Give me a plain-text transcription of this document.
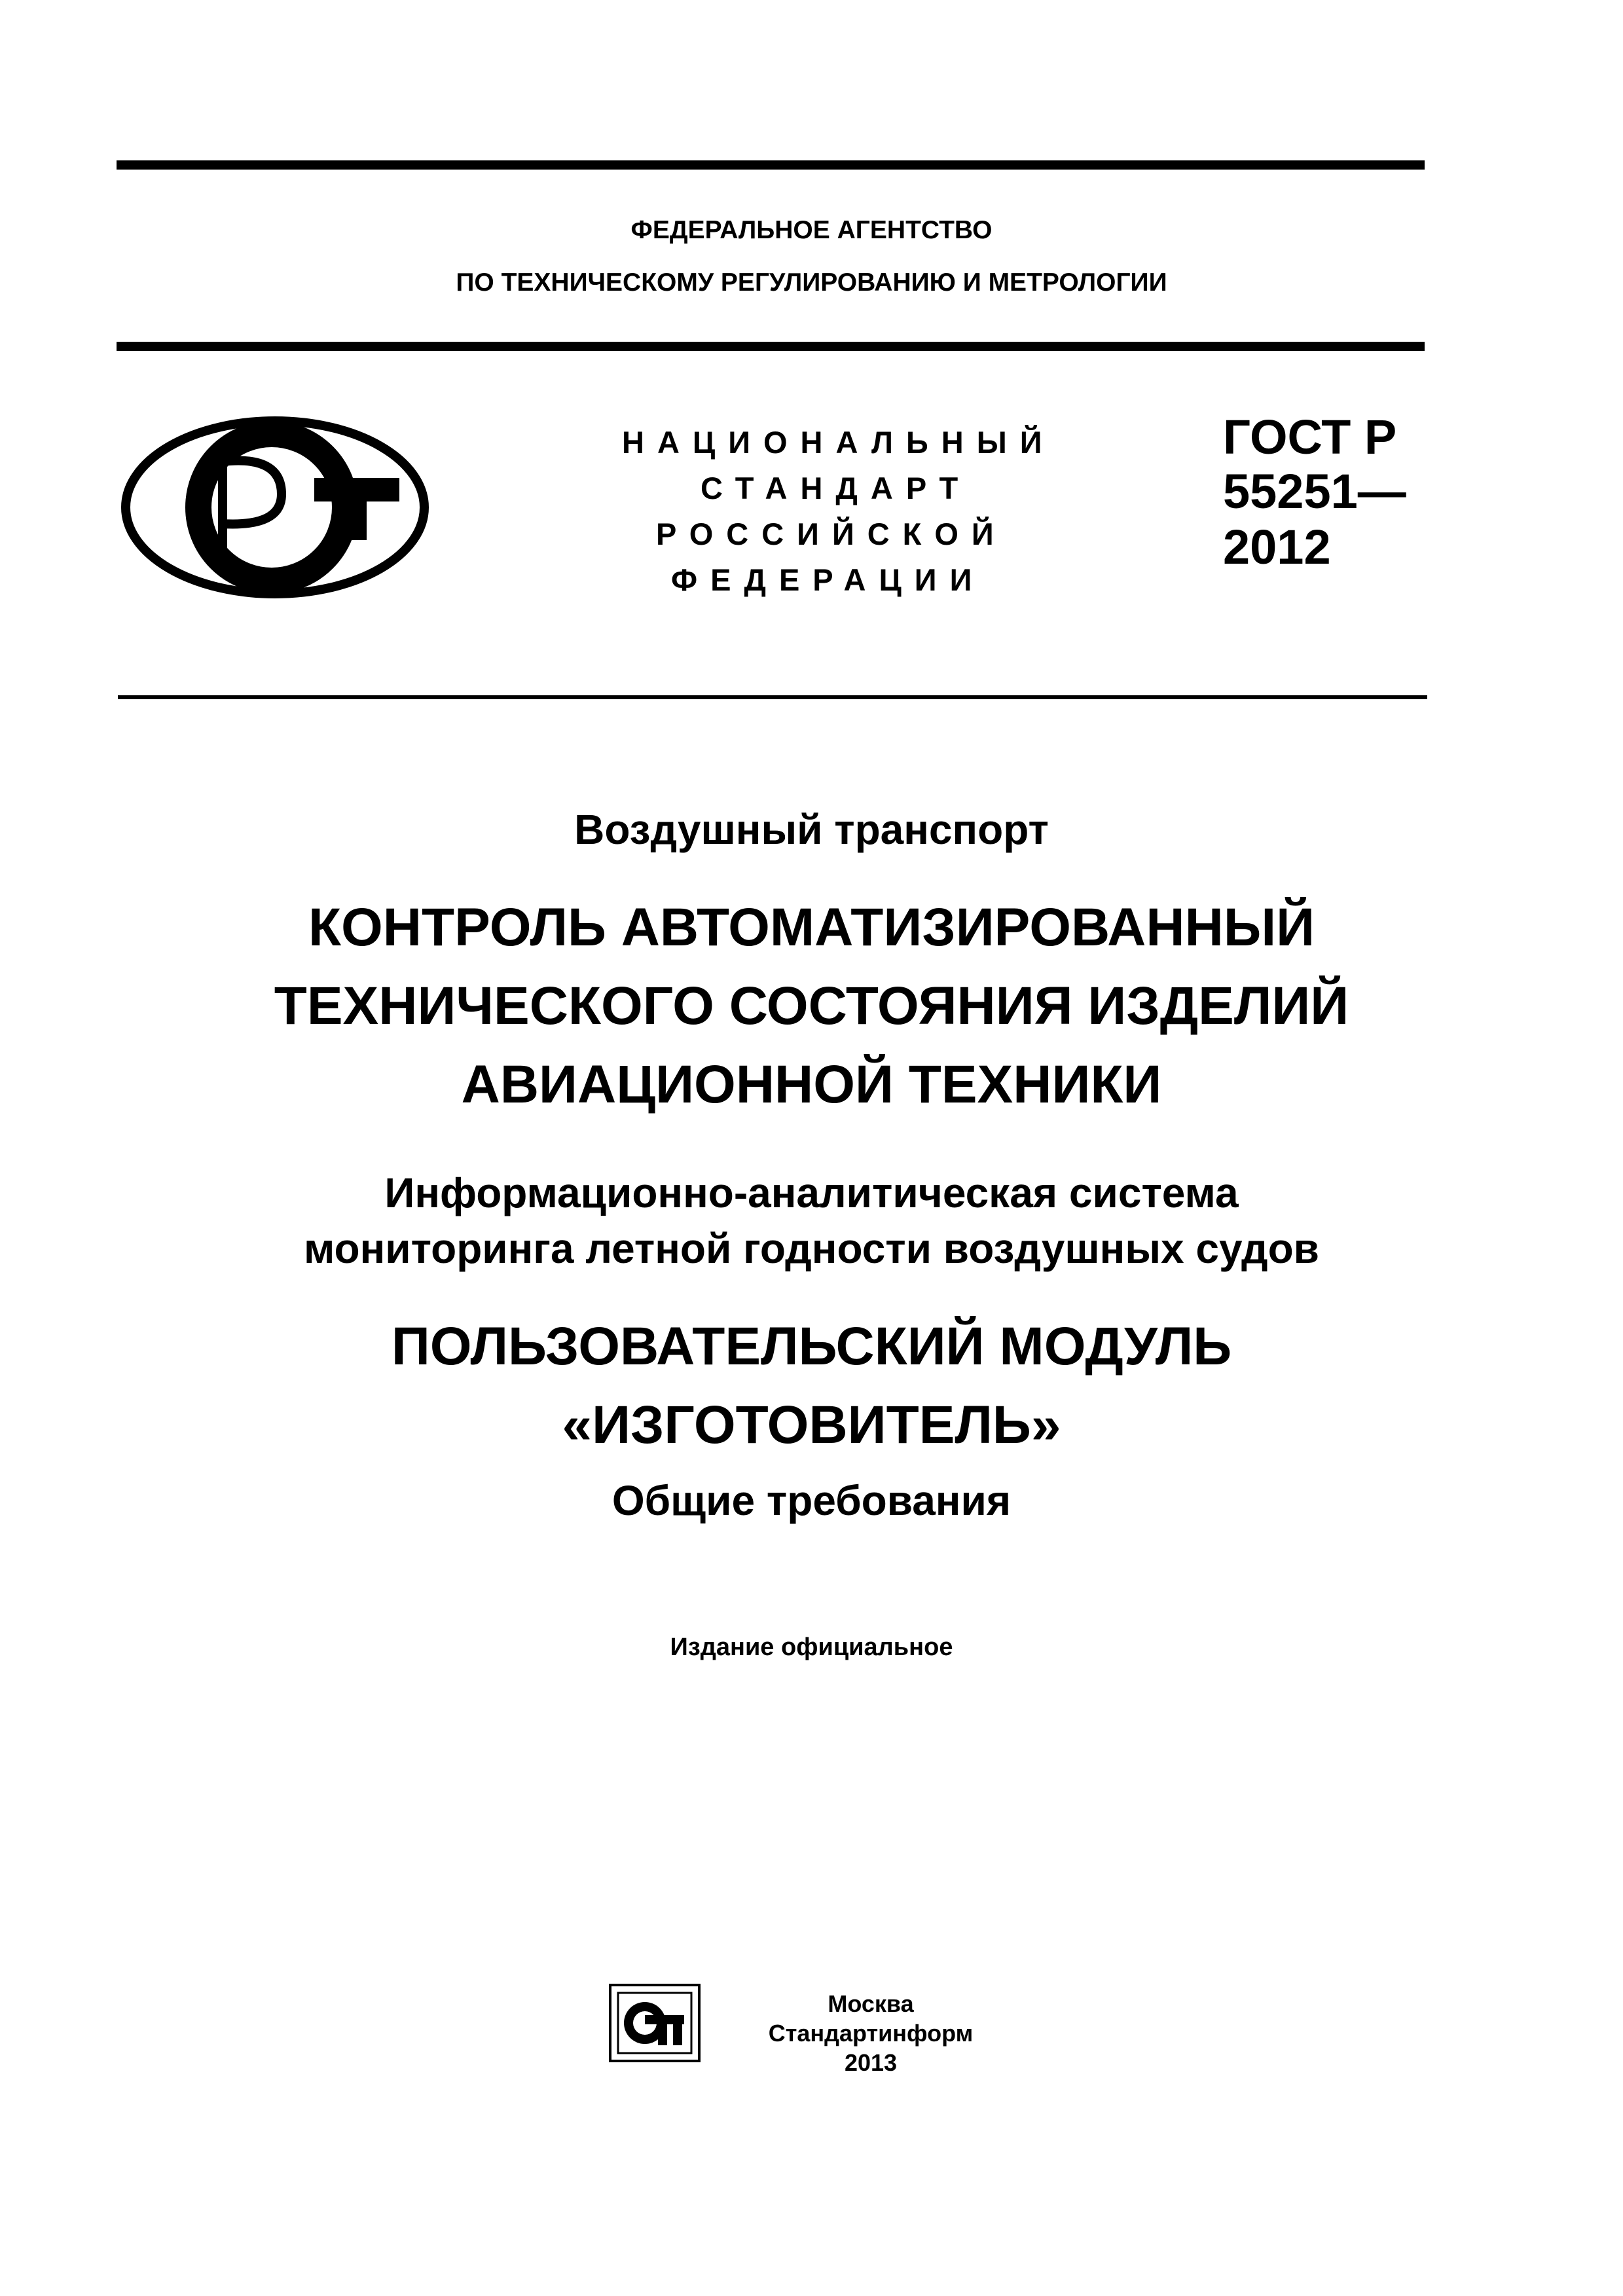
ФЕДЕРАЛЬНОЕ АГЕНТСТВО
ПО ТЕХНИЧЕСКОМУ РЕГУЛИРОВАНИЮ И МЕТРОЛОГИИ
НАЦИОНАЛЬНЫЙ
СТАНДАРТ
РОССИЙСКОЙ
ФЕДЕРАЦИИ
ГОСТ Р
55251—
2012
Воздушный транспорт
КОНТРОЛЬ АВТОМАТИЗИРОВАННЫЙ
ТЕХНИЧЕСКОГО СОСТОЯНИЯ ИЗДЕЛИЙ
АВИАЦИОННОЙ ТЕХНИКИ
Информационно-аналитическая система
мониторинга летной годности воздушных судов
ПОЛЬЗОВАТЕЛЬСКИЙ МОДУЛЬ
«ИЗГОТОВИТЕЛЬ»
Общие требования
Издание официальное
Москва
Стандартинформ
2013
